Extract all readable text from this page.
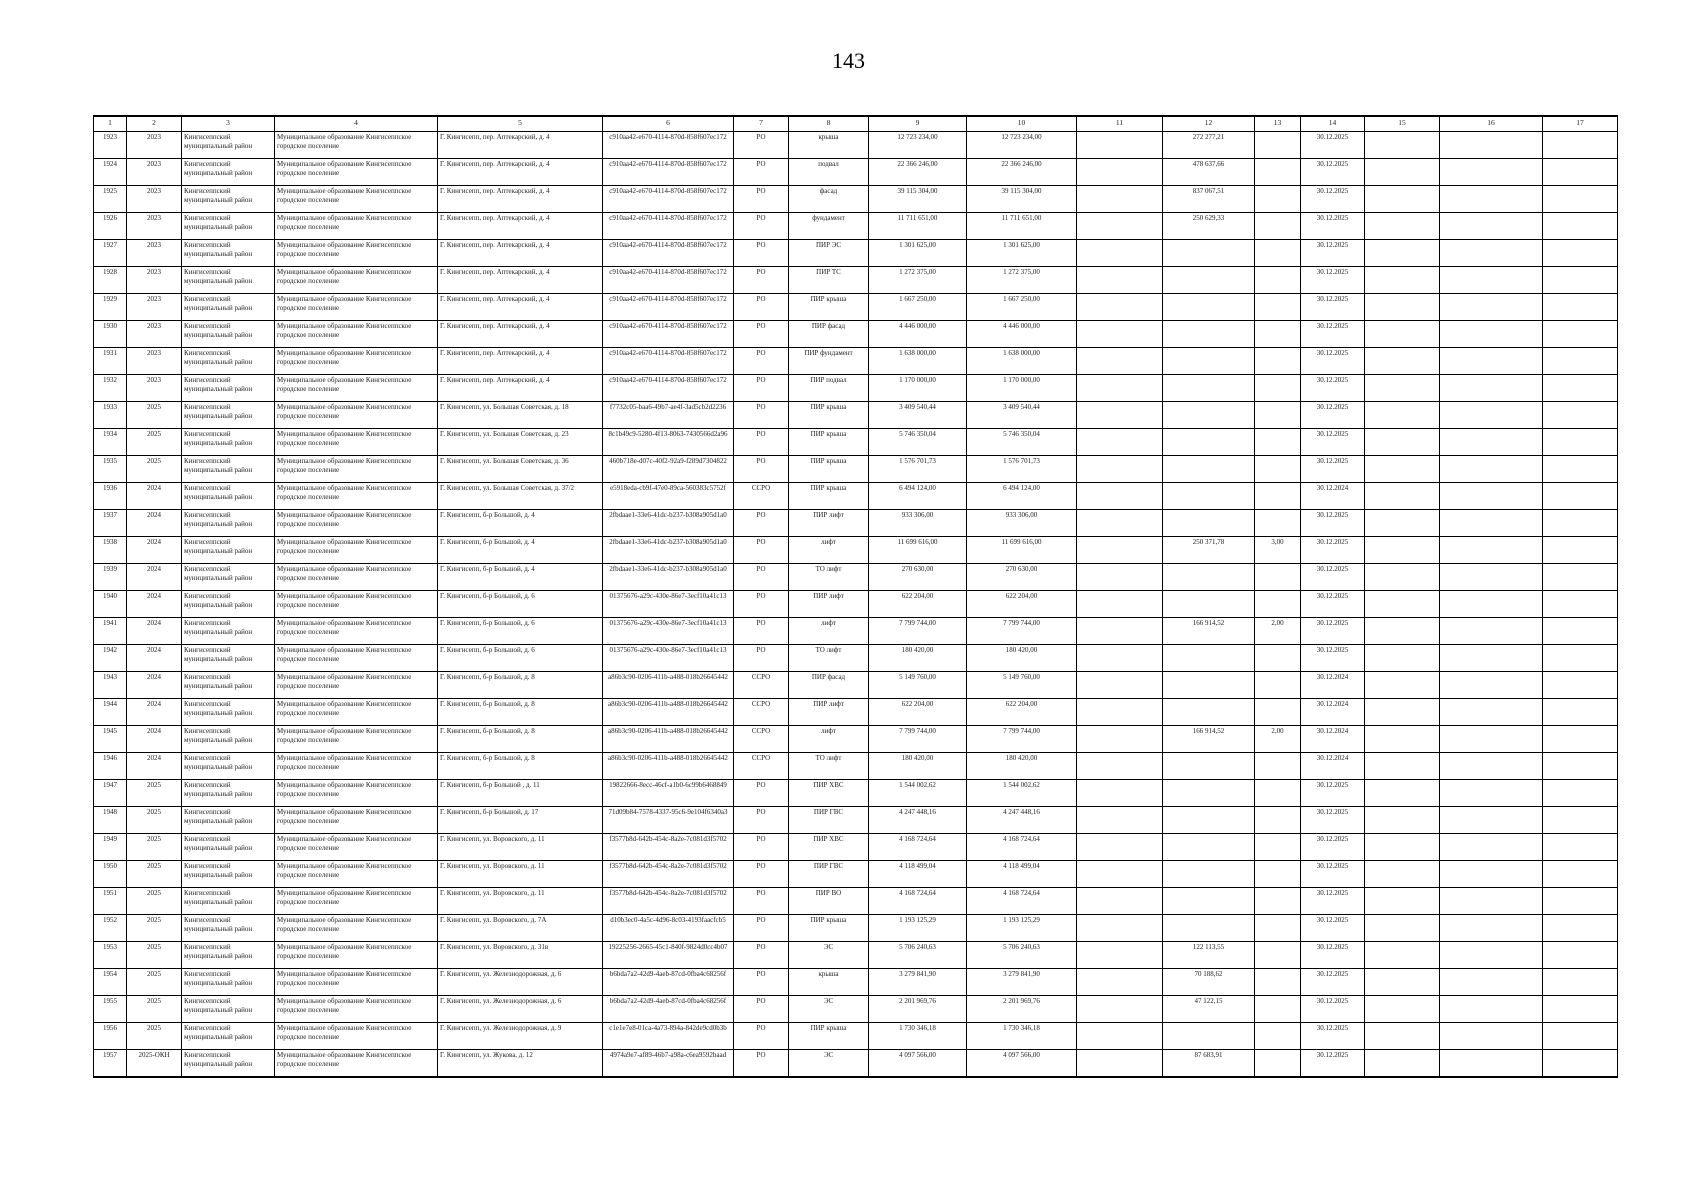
143
1	2	3	4	5	6	7	8	9	10	11	12	13	14	15	16	17
1923	2023	Кингисеппский муниципальный район	Муниципальное образование Кингисеппское городское поселение	Г. Кингисепп, пер. Аптекарский, д. 4	c910aa42-e670-4114-870d-858f607ec172	РО	крыша	12 723 234,00	12 723 234,00		272 277,21		30.12.2025			
1924	2023	Кингисеппский муниципальный район	Муниципальное образование Кингисеппское городское поселение	Г. Кингисепп, пер. Аптекарский, д. 4	c910aa42-e670-4114-870d-858f607ec172	РО	подвал	22 366 246,00	22 366 246,00		478 637,66		30.12.2025			
1925	2023	Кингисеппский муниципальный район	Муниципальное образование Кингисеппское городское поселение	Г. Кингисепп, пер. Аптекарский, д. 4	c910aa42-e670-4114-870d-858f607ec172	РО	фасад	39 115 304,00	39 115 304,00		837 067,51		30.12.2025			
1926	2023	Кингисеппский муниципальный район	Муниципальное образование Кингисеппское городское поселение	Г. Кингисепп, пер. Аптекарский, д. 4	c910aa42-e670-4114-870d-858f607ec172	РО	фундамент	11 711 651,00	11 711 651,00		250 629,33		30.12.2025			
1927	2023	Кингисеппский муниципальный район	Муниципальное образование Кингисеппское городское поселение	Г. Кингисепп, пер. Аптекарский, д. 4	c910aa42-e670-4114-870d-858f607ec172	РО	ПИР ЭС	1 301 625,00	1 301 625,00				30.12.2025			
1928	2023	Кингисеппский муниципальный район	Муниципальное образование Кингисеппское городское поселение	Г. Кингисепп, пер. Аптекарский, д. 4	c910aa42-e670-4114-870d-858f607ec172	РО	ПИР ТС	1 272 375,00	1 272 375,00				30.12.2025			
1929	2023	Кингисеппский муниципальный район	Муниципальное образование Кингисеппское городское поселение	Г. Кингисепп, пер. Аптекарский, д. 4	c910aa42-e670-4114-870d-858f607ec172	РО	ПИР крыша	1 667 250,00	1 667 250,00				30.12.2025			
1930	2023	Кингисеппский муниципальный район	Муниципальное образование Кингисеппское городское поселение	Г. Кингисепп, пер. Аптекарский, д. 4	c910aa42-e670-4114-870d-858f607ec172	РО	ПИР фасад	4 446 000,00	4 446 000,00				30.12.2025			
1931	2023	Кингисеппский муниципальный район	Муниципальное образование Кингисеппское городское поселение	Г. Кингисепп, пер. Аптекарский, д. 4	c910aa42-e670-4114-870d-858f607ec172	РО	ПИР фундамент	1 638 000,00	1 638 000,00				30.12.2025			
1932	2023	Кингисеппский муниципальный район	Муниципальное образование Кингисеппское городское поселение	Г. Кингисепп, пер. Аптекарский, д. 4	c910aa42-e670-4114-870d-858f607ec172	РО	ПИР подвал	1 170 000,00	1 170 000,00				30.12.2025			
1933	2025	Кингисеппский муниципальный район	Муниципальное образование Кингисеппское городское поселение	Г. Кингисепп, ул. Большая Советская, д. 18	f7732c05-baa6-49b7-ae4f-3ad5cb2d2236	РО	ПИР крыша	3 409 540,44	3 409 540,44				30.12.2025			
1934	2025	Кингисеппский муниципальный район	Муниципальное образование Кингисеппское городское поселение	Г. Кингисепп, ул. Большая Советская, д. 23	8c1b49c9-5280-4f13-8063-7430566d2a96	РО	ПИР крыша	5 746 350,04	5 746 350,04				30.12.2025			
1935	2025	Кингисеппский муниципальный район	Муниципальное образование Кингисеппское городское поселение	Г. Кингисепп, ул. Большая Советская, д. 36	460b718e-d07c-40f2-92a9-f289d7304822	РО	ПИР крыша	1 576 701,73	1 576 701,73				30.12.2025			
1936	2024	Кингисеппский муниципальный район	Муниципальное образование Кингисеппское городское поселение	Г. Кингисепп, ул. Большая Советская, д. 37/2	e5918eda-cb9f-47e0-89ca-560383c5752f	ССРО	ПИР крыша	6 494 124,00	6 494 124,00				30.12.2024			
1937	2024	Кингисеппский муниципальный район	Муниципальное образование Кингисеппское городское поселение	Г. Кингисепп, б-р Большой, д. 4	2fbdaae1-33e6-41dc-b237-b308a905d1a0	РО	ПИР лифт	933 306,00	933 306,00				30.12.2025			
1938	2024	Кингисеппский муниципальный район	Муниципальное образование Кингисеппское городское поселение	Г. Кингисепп, б-р Большой, д. 4	2fbdaae1-33e6-41dc-b237-b308a905d1a0	РО	лифт	11 699 616,00	11 699 616,00		250 371,78	3,00	30.12.2025			
1939	2024	Кингисеппский муниципальный район	Муниципальное образование Кингисеппское городское поселение	Г. Кингисепп, б-р Большой, д. 4	2fbdaae1-33e6-41dc-b237-b308a905d1a0	РО	ТО лифт	270 630,00	270 630,00				30.12.2025			
1940	2024	Кингисеппский муниципальный район	Муниципальное образование Кингисеппское городское поселение	Г. Кингисепп, б-р Большой, д. 6	01375676-a29c-430e-86e7-3ecf10a41c13	РО	ПИР лифт	622 204,00	622 204,00				30.12.2025			
1941	2024	Кингисеппский муниципальный район	Муниципальное образование Кингисеппское городское поселение	Г. Кингисепп, б-р Большой, д. 6	01375676-a29c-430e-86e7-3ecf10a41c13	РО	лифт	7 799 744,00	7 799 744,00		166 914,52	2,00	30.12.2025			
1942	2024	Кингисеппский муниципальный район	Муниципальное образование Кингисеппское городское поселение	Г. Кингисепп, б-р Большой, д. 6	01375676-a29c-430e-86e7-3ecf10a41c13	РО	ТО лифт	180 420,00	180 420,00				30.12.2025			
1943	2024	Кингисеппский муниципальный район	Муниципальное образование Кингисеппское городское поселение	Г. Кингисепп, б-р Большой, д. 8	a86b3c90-0206-411b-a488-018b26645442	ССРО	ПИР фасад	5 149 760,00	5 149 760,00				30.12.2024			
1944	2024	Кингисеппский муниципальный район	Муниципальное образование Кингисеппское городское поселение	Г. Кингисепп, б-р Большой, д. 8	a86b3c90-0206-411b-a488-018b26645442	ССРО	ПИР лифт	622 204,00	622 204,00				30.12.2024			
1945	2024	Кингисеппский муниципальный район	Муниципальное образование Кингисеппское городское поселение	Г. Кингисепп, б-р Большой, д. 8	a86b3c90-0206-411b-a488-018b26645442	ССРО	лифт	7 799 744,00	7 799 744,00		166 914,52	2,00	30.12.2024			
1946	2024	Кингисеппский муниципальный район	Муниципальное образование Кингисеппское городское поселение	Г. Кингисепп, б-р Большой, д. 8	a86b3c90-0206-411b-a488-018b26645442	ССРО	ТО лифт	180 420,00	180 420,00				30.12.2024			
1947	2025	Кингисеппский муниципальный район	Муниципальное образование Кингисеппское городское поселение	Г. Кингисепп, б-р Большой , д. 11	19822666-8ecc-46cf-a1b0-6c99b6468849	РО	ПИР ХВС	1 544 002,62	1 544 002,62				30.12.2025			
1948	2025	Кингисеппский муниципальный район	Муниципальное образование Кингисеппское городское поселение	Г. Кингисепп, б-р Большой, д. 17	71d09b84-7578-4337-95c6-9e104f6340a3	РО	ПИР ГВС	4 247 448,16	4 247 448,16				30.12.2025			
1949	2025	Кингисеппский муниципальный район	Муниципальное образование Кингисеппское городское поселение	Г. Кингисепп, ул. Воровского, д. 11	f3577b8d-642b-454c-8a2e-7c081d3f5702	РО	ПИР ХВС	4 168 724,64	4 168 724,64				30.12.2025			
1950	2025	Кингисеппский муниципальный район	Муниципальное образование Кингисеппское городское поселение	Г. Кингисепп, ул. Воровского, д. 11	f3577b8d-642b-454c-8a2e-7c081d3f5702	РО	ПИР ГВС	4 118 499,04	4 118 499,04				30.12.2025			
1951	2025	Кингисеппский муниципальный район	Муниципальное образование Кингисеппское городское поселение	Г. Кингисепп, ул. Воровского, д. 11	f3577b8d-642b-454c-8a2e-7c081d3f5702	РО	ПИР ВО	4 168 724,64	4 168 724,64				30.12.2025			
1952	2025	Кингисеппский муниципальный район	Муниципальное образование Кингисеппское городское поселение	Г. Кингисепп, ул. Воровского, д. 7А	d10b3ec0-4a5c-4d96-8c03-4193faacfcb5	РО	ПИР крыша	1 193 125,29	1 193 125,29				30.12.2025			
1953	2025	Кингисеппский муниципальный район	Муниципальное образование Кингисеппское городское поселение	Г. Кингисепп, ул. Воровского, д. 31в	19225256-2665-45c1-840f-9824d0cc4b07	РО	ЭС	5 706 240,63	5 706 240,63		122 113,55		30.12.2025			
1954	2025	Кингисеппский муниципальный район	Муниципальное образование Кингисеппское городское поселение	Г. Кингисепп, ул. Железнодорожная, д. 6	b6bda7a2-42d9-4aeb-87cd-0fba4c68256f	РО	крыша	3 279 841,90	3 279 841,90		70 188,62		30.12.2025			
1955	2025	Кингисеппский муниципальный район	Муниципальное образование Кингисеппское городское поселение	Г. Кингисепп, ул. Железнодорожная, д. 6	b6bda7a2-42d9-4aeb-87cd-0fba4c68256f	РО	ЭС	2 201 969,76	2 201 969,76		47 122,15		30.12.2025			
1956	2025	Кингисеппский муниципальный район	Муниципальное образование Кингисеппское городское поселение	Г. Кингисепп, ул. Железнодорожная, д. 9	c1e1e7e8-01ca-4a73-894a-842de9cd0b3b	РО	ПИР крыша	1 730 346,18	1 730 346,18				30.12.2025			
1957	2025-ОКН	Кингисеппский муниципальный район	Муниципальное образование Кингисеппское городское поселение	Г. Кингисепп, ул. Жукова, д. 12	4974a9e7-af89-46b7-a98a-c6ea9592baad	РО	ЭС	4 097 566,00	4 097 566,00		87 683,91		30.12.2025			
